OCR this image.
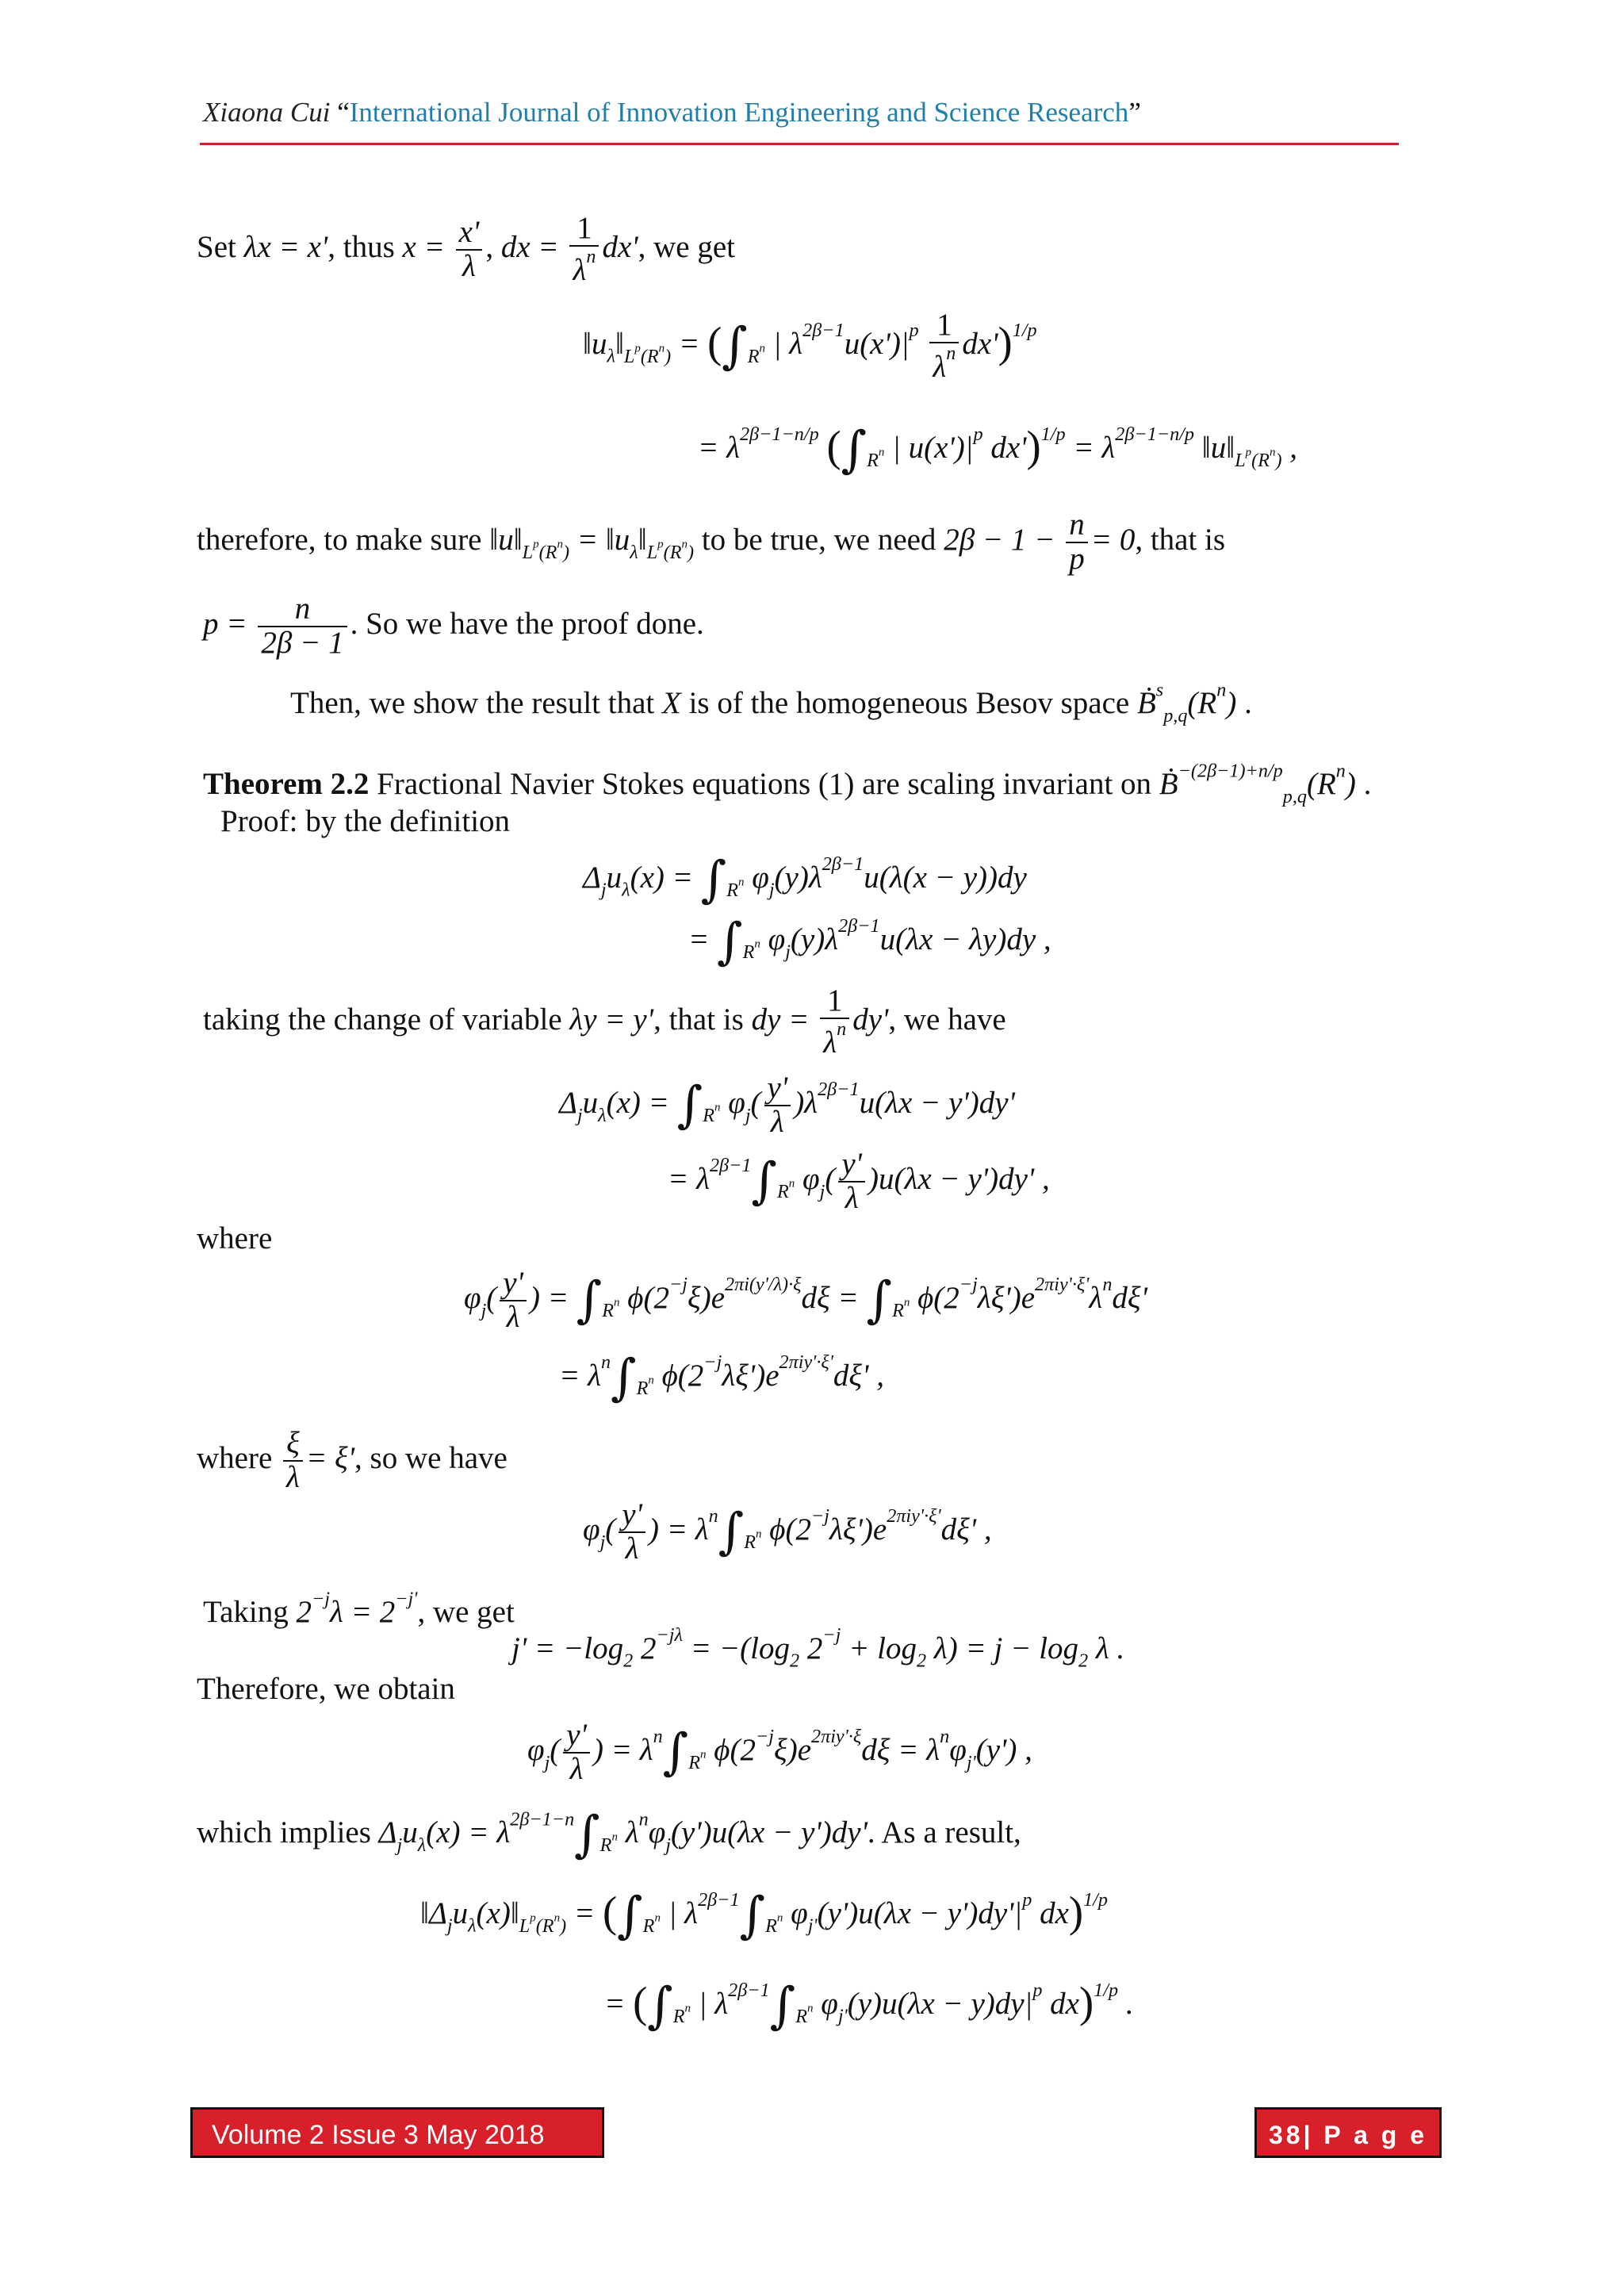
Xiaona Cui “International Journal of Innovation Engineering and Science Research”
Set λx = x', thus $x = \frac{x'}{\lambda}$ , dx = $\frac{1}{\lambda^n} dx'$, we get
$‖u_\lambda‖_{L^p(R^n)} = (\int_{R^n}$ | $\lambda^{2\beta-1}u(x')|^p \frac{1}{\lambda^n} dx')^{1/p}$
= $\lambda^{2\beta-1-n/p}$ ($\int_{R^n}$ | $u(x')|^p$ $dx')^{1/p} = \lambda^{2\beta-1-n/p}$ $‖u‖_{L^p(R^n)}$ ,
therefore, to make sure $‖u‖_{L^p(R^n)}$ = $‖u_\lambda‖_{L^p(R^n)}$ to be true, we need $2\beta - 1 - \frac{n}{p} = 0$, that is
$p = \frac{n}{2\beta - 1}$ . So we have the proof done.
Then, we show the result that X is of the homogeneous Besov space $Ḃ^s_{p,q}(R^n)$ .
Theorem 2.2 Fractional Navier Stokes equations (1) are scaling invariant on $Ḃ^{-(2\beta-1)+n/p}_{p,q}(R^n)$ .
Proof: by the definition
$\Delta_ju_\lambda(x) = \int_{R^n}$ $\varphi_j(y)\lambda^{2\beta-1}u(\lambda(x - y))dy$
= $\int_{R^n}$ $\varphi_j(y)\lambda^{2\beta-1}u(\lambda x - \lambda y)dy$ ,
taking the change of variable λy = y', that is dy = $\frac{1}{\lambda^n} dy'$, we have
$\Delta_ju_\lambda(x) = \int_{R^n}$ $\varphi_j( \frac{y'}{\lambda} )\lambda^{2\beta-1}u(\lambda x - y')dy'$
= $\lambda^{2\beta-1}\int_{R^n}$ $\varphi_j( \frac{y'}{\lambda} )u(\lambda x - y')dy'$ ,
where
$\varphi_j( \frac{y'}{\lambda}$ ) = $\int_{R^n}$ $\phi(2^{-j}\xi)e^{2\pi i(y'/\lambda)\cdot\xi}d\xi = \int_{R^n}$ $\phi(2^{-j}\lambda\xi')e^{2\pi iy'\cdot\xi'}\lambda^nd\xi'$
= $\lambda^n\int_{R^n}$ $\phi(2^{-j}\lambda\xi')e^{2\pi iy'\cdot\xi'}d\xi'$ ,
where $\frac{\xi}{\lambda} = \xi'$, so we have
$\varphi_j( \frac{y'}{\lambda}$ ) = $\lambda^n\int_{R^n}$ $\phi(2^{-j}\lambda\xi')e^{2\pi iy'\cdot\xi'}d\xi'$ ,
Taking $2^{-j}\lambda = 2^{-j'}$, we get
$j' = -\log_2$ $2^{-j\lambda} = -(\log_2$ $2^{-j} + \log_2 \lambda) = j - \log_2 \lambda$ .
Therefore, we obtain
$\varphi_j( \frac{y'}{\lambda}$ ) = $\lambda^n\int_{R^n}$ $\phi(2^{-j}\xi)e^{2\pi iy'\cdot\xi}d\xi = \lambda^n\varphi_{j'}(y')$ ,
which implies $\Delta_ju_\lambda(x) = \lambda^{2\beta-1-n}\int_{R^n}$ $\lambda^n\varphi_j(y')u(\lambda x - y')dy'$. As a result,
$‖\Delta_ju_\lambda(x)‖_{L^p(R^n)} = (\int_{R^n}$ | $\lambda^{2\beta-1}\int_{R^n}$ $\varphi_{j'}(y')u(\lambda x - y')dy'|^p$ dx)$^{1/p}$
= ($\int_{R^n}$ | $\lambda^{2\beta-1}\int_{R^n}$ $\varphi_{j'}(y)u(\lambda x - y)dy|^p$ dx)$^{1/p}$ .
Volume 2 Issue 3 May 2018	38| P a g e
